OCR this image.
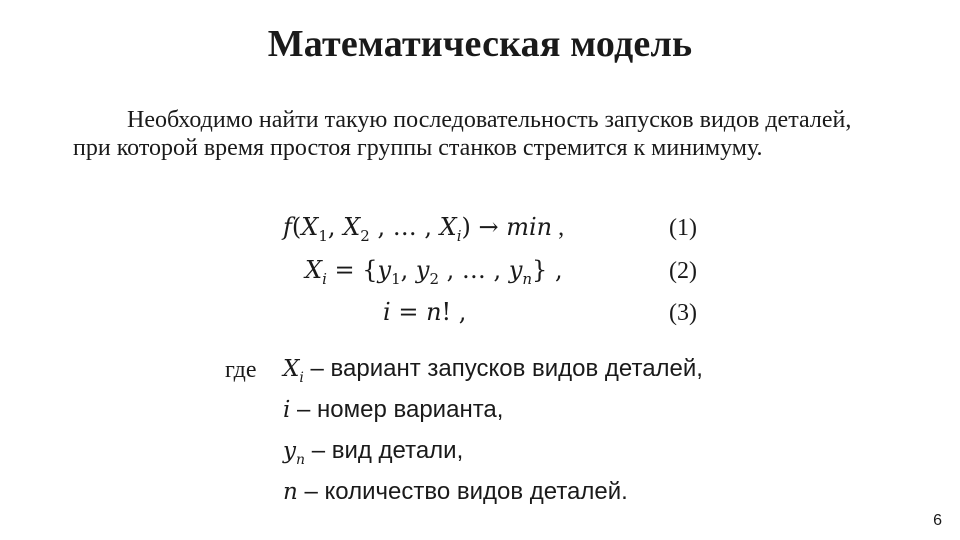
Математическая модель

Необходимо найти такую последовательность запусков видов деталей, при которой время простоя группы станков стремится к минимуму.

$f(X_1$, $X_2$ , … , $X_i) \to \min$ ,	(1)
$X_i = \{y_1$, $y_2$ , … , $y_n$} ,	(2)
i = n! ,	(3)
где $X_i$ – вариант запусков видов деталей,
i – номер варианта,
$y_n$ – вид детали,
n – количество видов деталей.
6
